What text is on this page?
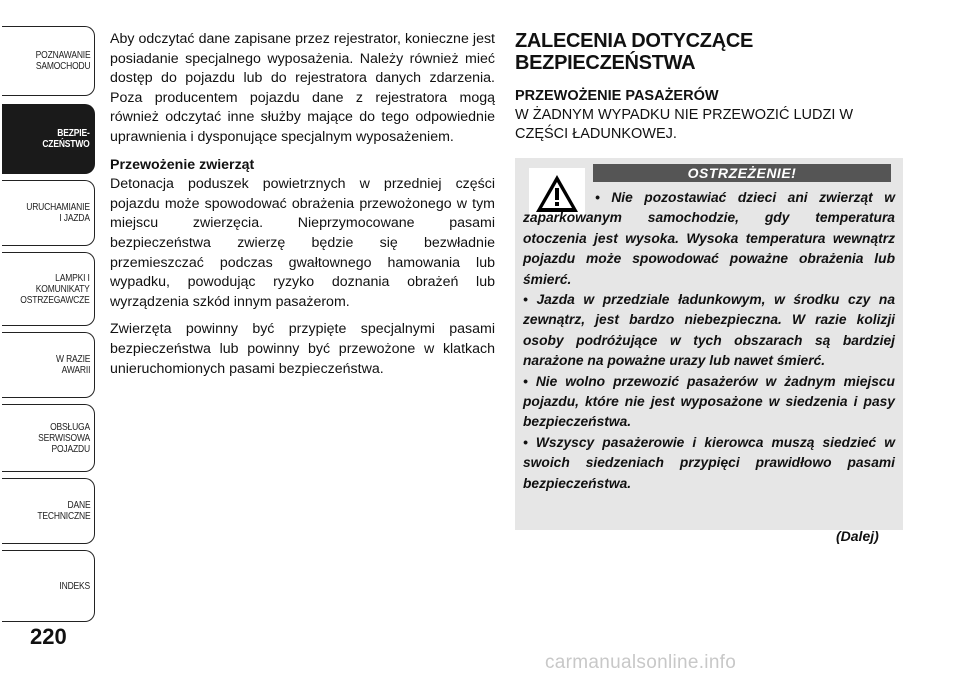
POZNAWANIE
SAMOCHODU
BEZPIE-
CZEŃSTWO
URUCHAMIANIE
I JAZDA
LAMPKI I
KOMUNIKATY
OSTRZEGAWCZE
W RAZIE
AWARII
OBSŁUGA
SERWISOWA
POJAZDU
DANE
TECHNICZNE
INDEKS
220

Aby odczytać dane zapisane przez rejestrator, konieczne jest posiadanie specjalnego wyposażenia. Należy również mieć dostęp do pojazdu lub do rejestratora danych zdarzenia. Poza producentem pojazdu dane z rejestratora mogą również odczytać inne służby mające do tego odpowiednie uprawnienia i dysponujące specjalnym wyposażeniem.

Przewożenie zwierząt

Detonacja poduszek powietrznych w przedniej części pojazdu może spowodować obrażenia przewożonego w tym miejscu zwierzęcia. Nieprzymocowane pasami bezpieczeństwa zwierzę będzie się bezwładnie przemieszczać podczas gwałtownego hamowania lub wypadku, powodując ryzyko doznania obrażeń lub wyrządzenia szkód innym pasażerom.

Zwierzęta powinny być przypięte specjalnymi pasami bezpieczeństwa lub powinny być przewożone w klatkach unieruchomionych pasami bezpieczeństwa.

ZALECENIA DOTYCZĄCE BEZPIECZEŃSTWA
PRZEWOŻENIE PASAŻERÓW
W ŻADNYM WYPADKU NIE PRZEWOZIĆ LUDZI W CZĘŚCI ŁADUNKOWEJ.
OSTRZEŻENIE!

• Nie pozostawiać dzieci ani zwierząt w zaparkowanym samochodzie, gdy temperatura otoczenia jest wysoka. Wysoka temperatura wewnątrz pojazdu może spowodować poważne obrażenia lub śmierć.

• Jazda w przedziale ładunkowym, w środku czy na zewnątrz, jest bardzo niebezpieczna. W razie kolizji osoby podróżujące w tych obszarach są bardziej narażone na poważne urazy lub nawet śmierć.

• Nie wolno przewozić pasażerów w żadnym miejscu pojazdu, które nie jest wyposażone w siedzenia i pasy bezpieczeństwa.

• Wszyscy pasażerowie i kierowca muszą siedzieć w swoich siedzeniach przypięci prawidłowo pasami bezpieczeństwa.

(Dalej)
carmanualsonline.info
